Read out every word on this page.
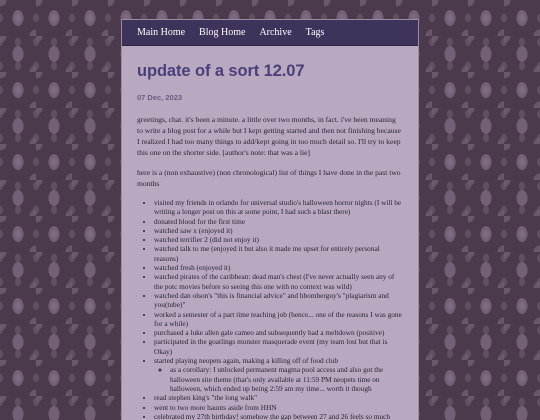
Main Home Blog Home Archive Tags
update of a sort 12.07
07 Dec, 2023

greetings, chat. it's been a minute. a little over two months, in fact. i've been meaning to write a blog post for a while but I kept getting started and then not finishing because I realized I had too many things to add/kept going in too much detail so. I'll try to keep this one on the shorter side. [author's note: that was a lie]

here is a (non exhaustive) (non chronological) list of things I have done in the past two months

• visited my friends in orlando for universal studio's halloween horror nights (I will be writing a longer post on this at some point, I had such a blast there)
• donated blood for the first time
• watched saw x (enjoyed it)
• watched terrifier 2 (did not enjoy it)
• watched talk to me (enjoyed it but also it made me upset for entirely personal reasons)
• watched fresh (enjoyed it)
• watched pirates of the caribbean: dead man's chest (I've never actually seen any of the potc movies before so seeing this one with no context was wild)
• watched dan olson's "this is financial advice" and hbomberguy's "plagiarism and you(tube)"
• worked a semester of a part time teaching job (hence... one of the reasons I was gone for a while)
• purchased a luke allen gale cameo and subsequently had a meltdown (positive)
• participated in the goatlings monster masquerade event (my team lost but that is Okay)
• started playing neopets again, making a killing off of food club
◦ as a corollary: I unlocked permanent magma pool access and also got the halloween site theme (that's only available at 11:59 PM neopets time on halloween, which ended up being 2:59 am my time... worth it though
• read stephen king's "the long walk"
• went to two more haunts aside from HHN
• celebrated my 27th birthday! somehow the gap between 27 and 26 feels so much
